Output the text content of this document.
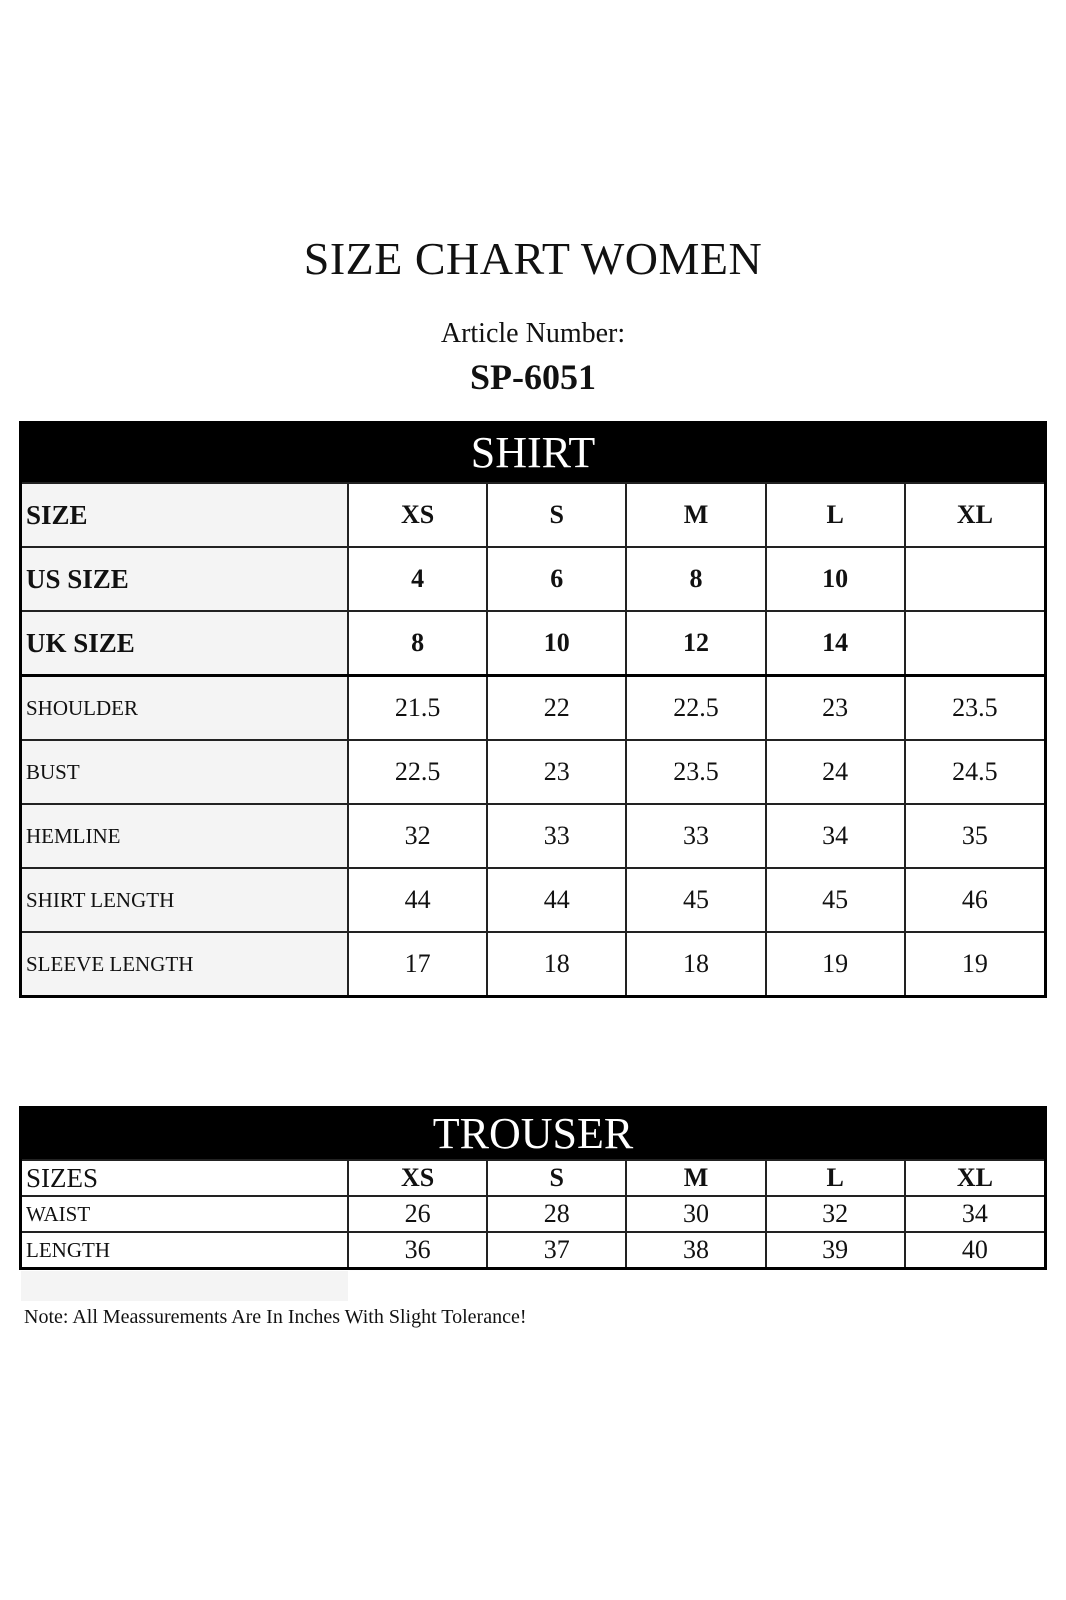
SIZE CHART WOMEN
Article Number:
SP-6051
SHIRT
SIZE	XS	S	M	L	XL
US SIZE	4	6	8	10	
UK SIZE	8	10	12	14	
SHOULDER	21.5	22	22.5	23	23.5
BUST	22.5	23	23.5	24	24.5
HEMLINE	32	33	33	34	35
SHIRT LENGTH	44	44	45	45	46
SLEEVE LENGTH	17	18	18	19	19
TROUSER
SIZES	XS	S	M	L	XL
WAIST	26	28	30	32	34
LENGTH	36	37	38	39	40
Note: All Meassurements Are In Inches With Slight Tolerance!
